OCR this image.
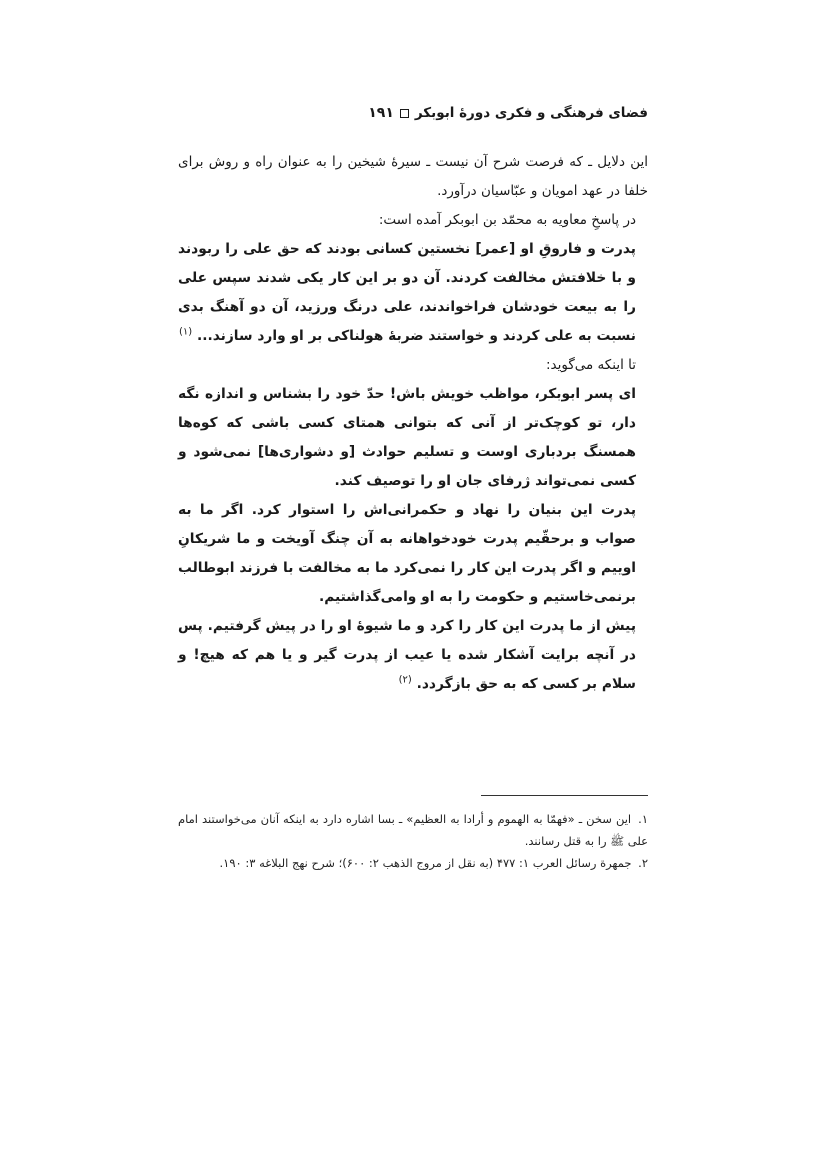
فضای فرهنگی و فکری دورهٔ ابوبکر
۱۹۱

این دلایل ـ که فرصت شرح آن نیست ـ سیرهٔ شیخین را به عنوان راه و روش برای خلفا در عهد امویان و عبّاسیان درآورد.

در پاسخِ معاویه به محمّد بن ابوبکر آمده است:

پدرت و فاروقِ او [عمر] نخستین کسانی بودند که حق علی را ربودند و با خلافتش مخالفت کردند. آن دو بر این کار یکی شدند سپس علی را به بیعت خودشان فراخواندند، علی درنگ ورزید، آن دو آهنگ بدی نسبت به علی کردند و خواستند ضربهٔ هولناکی بر او وارد سازند... $^{(۱)}$

تا اینکه می‌گوید:

ای پسر ابوبکر، مواظب خویش باش! حدّ خود را بشناس و اندازه نگه دار، تو کوچک‌تر از آنی که بتوانی همتای کسی باشی که کوه‌ها همسنگ بردباری اوست و تسلیم حوادث [و دشواری‌ها] نمی‌شود و کسی نمی‌تواند ژرفای جان او را توصیف کند.

پدرت این بنیان را نهاد و حکمرانی‌اش را استوار کرد. اگر ما به صواب و برحقّیم پدرت خودخواهانه به آن چنگ آویخت و ما شریکانِ اوییم و اگر پدرت این کار را نمی‌کرد ما به مخالفت با فرزند ابوطالب برنمی‌خاستیم و حکومت را به او وامی‌گذاشتیم.

پیش از ما پدرت این کار را کرد و ما شیوهٔ او را در پیش گرفتیم. پس در آنچه برایت آشکار شده یا عیب از پدرت گیر و یا هم که هیچ! و سلام بر کسی که به حق بازگردد. $^{(۲)}$

۱. این سخن ـ «فهمّا به الهموم و أرادا به العظیم» ـ بسا اشاره دارد به اینکه آنان می‌خواستند امام علی ﷺ را به قتل رسانند.

۲. جمهرة رسائل العرب ۱: ۴۷۷ (به نقل از مروج الذهب ۲: ۶۰۰)؛ شرح نهج البلاغه ۳: ۱۹۰.
